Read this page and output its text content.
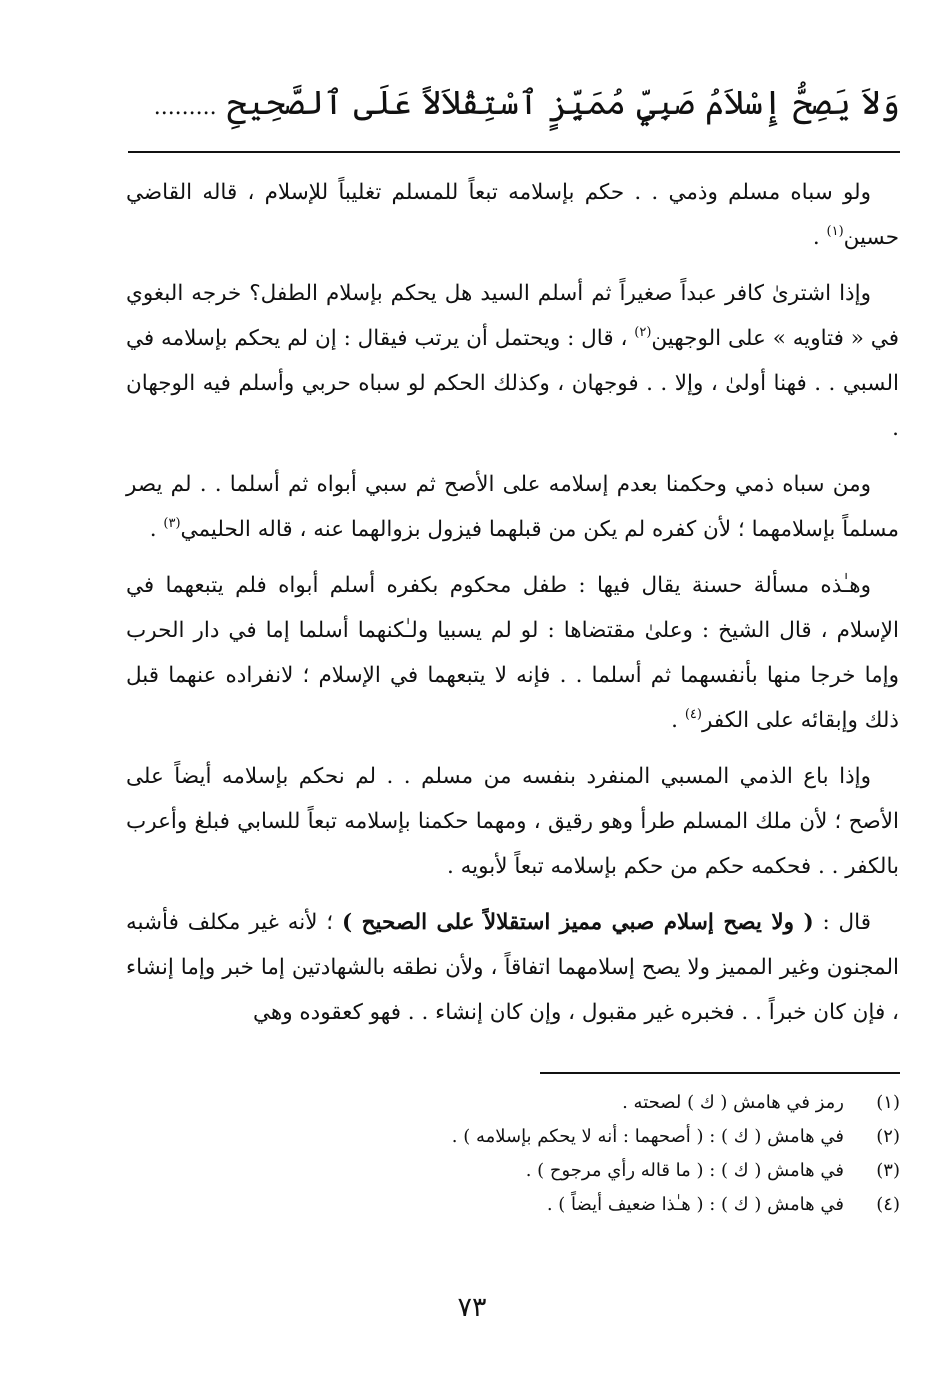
وَلاَ يَصِحُّ إِسْلاَمُ صَبِيٍّ مُمَيِّزٍ ٱسْتِقْلاَلاً عَلَى ٱلصَّحِيحِ .........

ولو سباه مسلم وذمي . . حكم بإسلامه تبعاً للمسلم تغليباً للإسلام ، قاله القاضي حسين$^{(١)}$ .

وإذا اشترىٰ كافر عبداً صغيراً ثم أسلم السيد هل يحكم بإسلام الطفل؟ خرجه البغوي في « فتاويه » على الوجهين$^{(٢)}$ ، قال : ويحتمل أن يرتب فيقال : إن لم يحكم بإسلامه في السبي . . فهنا أولىٰ ، وإلا . . فوجهان ، وكذلك الحكم لو سباه حربي وأسلم فيه الوجهان .

ومن سباه ذمي وحكمنا بعدم إسلامه على الأصح ثم سبي أبواه ثم أسلما . . لم يصر مسلماً بإسلامهما ؛ لأن كفره لم يكن من قبلهما فيزول بزوالهما عنه ، قاله الحليمي$^{(٣)}$ .

وهـٰذه مسألة حسنة يقال فيها : طفل محكوم بكفره أسلم أبواه فلم يتبعهما في الإسلام ، قال الشيخ : وعلىٰ مقتضاها : لو لم يسبيا ولـٰكنهما أسلما إما في دار الحرب وإما خرجا منها بأنفسهما ثم أسلما . . فإنه لا يتبعهما في الإسلام ؛ لانفراده عنهما قبل ذلك وإبقائه على الكفر$^{(٤)}$ .

وإذا باع الذمي المسبي المنفرد بنفسه من مسلم . . لم نحكم بإسلامه أيضاً على الأصح ؛ لأن ملك المسلم طرأ وهو رقيق ، ومهما حكمنا بإسلامه تبعاً للسابي فبلغ وأعرب بالكفر . . فحكمه حكم من حكم بإسلامه تبعاً لأبويه .

قال : ( ولا يصح إسلام صبي مميز استقلالاً على الصحيح ) ؛ لأنه غير مكلف فأشبه المجنون وغير المميز ولا يصح إسلامهما اتفاقاً ، ولأن نطقه بالشهادتين إما خبر وإما إنشاء ، فإن كان خبراً . . فخبره غير مقبول ، وإن كان إنشاء . . فهو كعقوده وهي

(١)رمز في هامش ( ك ) لصحته .
(٢)في هامش ( ك ) : ( أصحهما : أنه لا يحكم بإسلامه ) .
(٣)في هامش ( ك ) : ( ما قاله رأي مرجوح ) .
(٤)في هامش ( ك ) : ( هـٰذا ضعيف أيضاً ) .
٧٣
